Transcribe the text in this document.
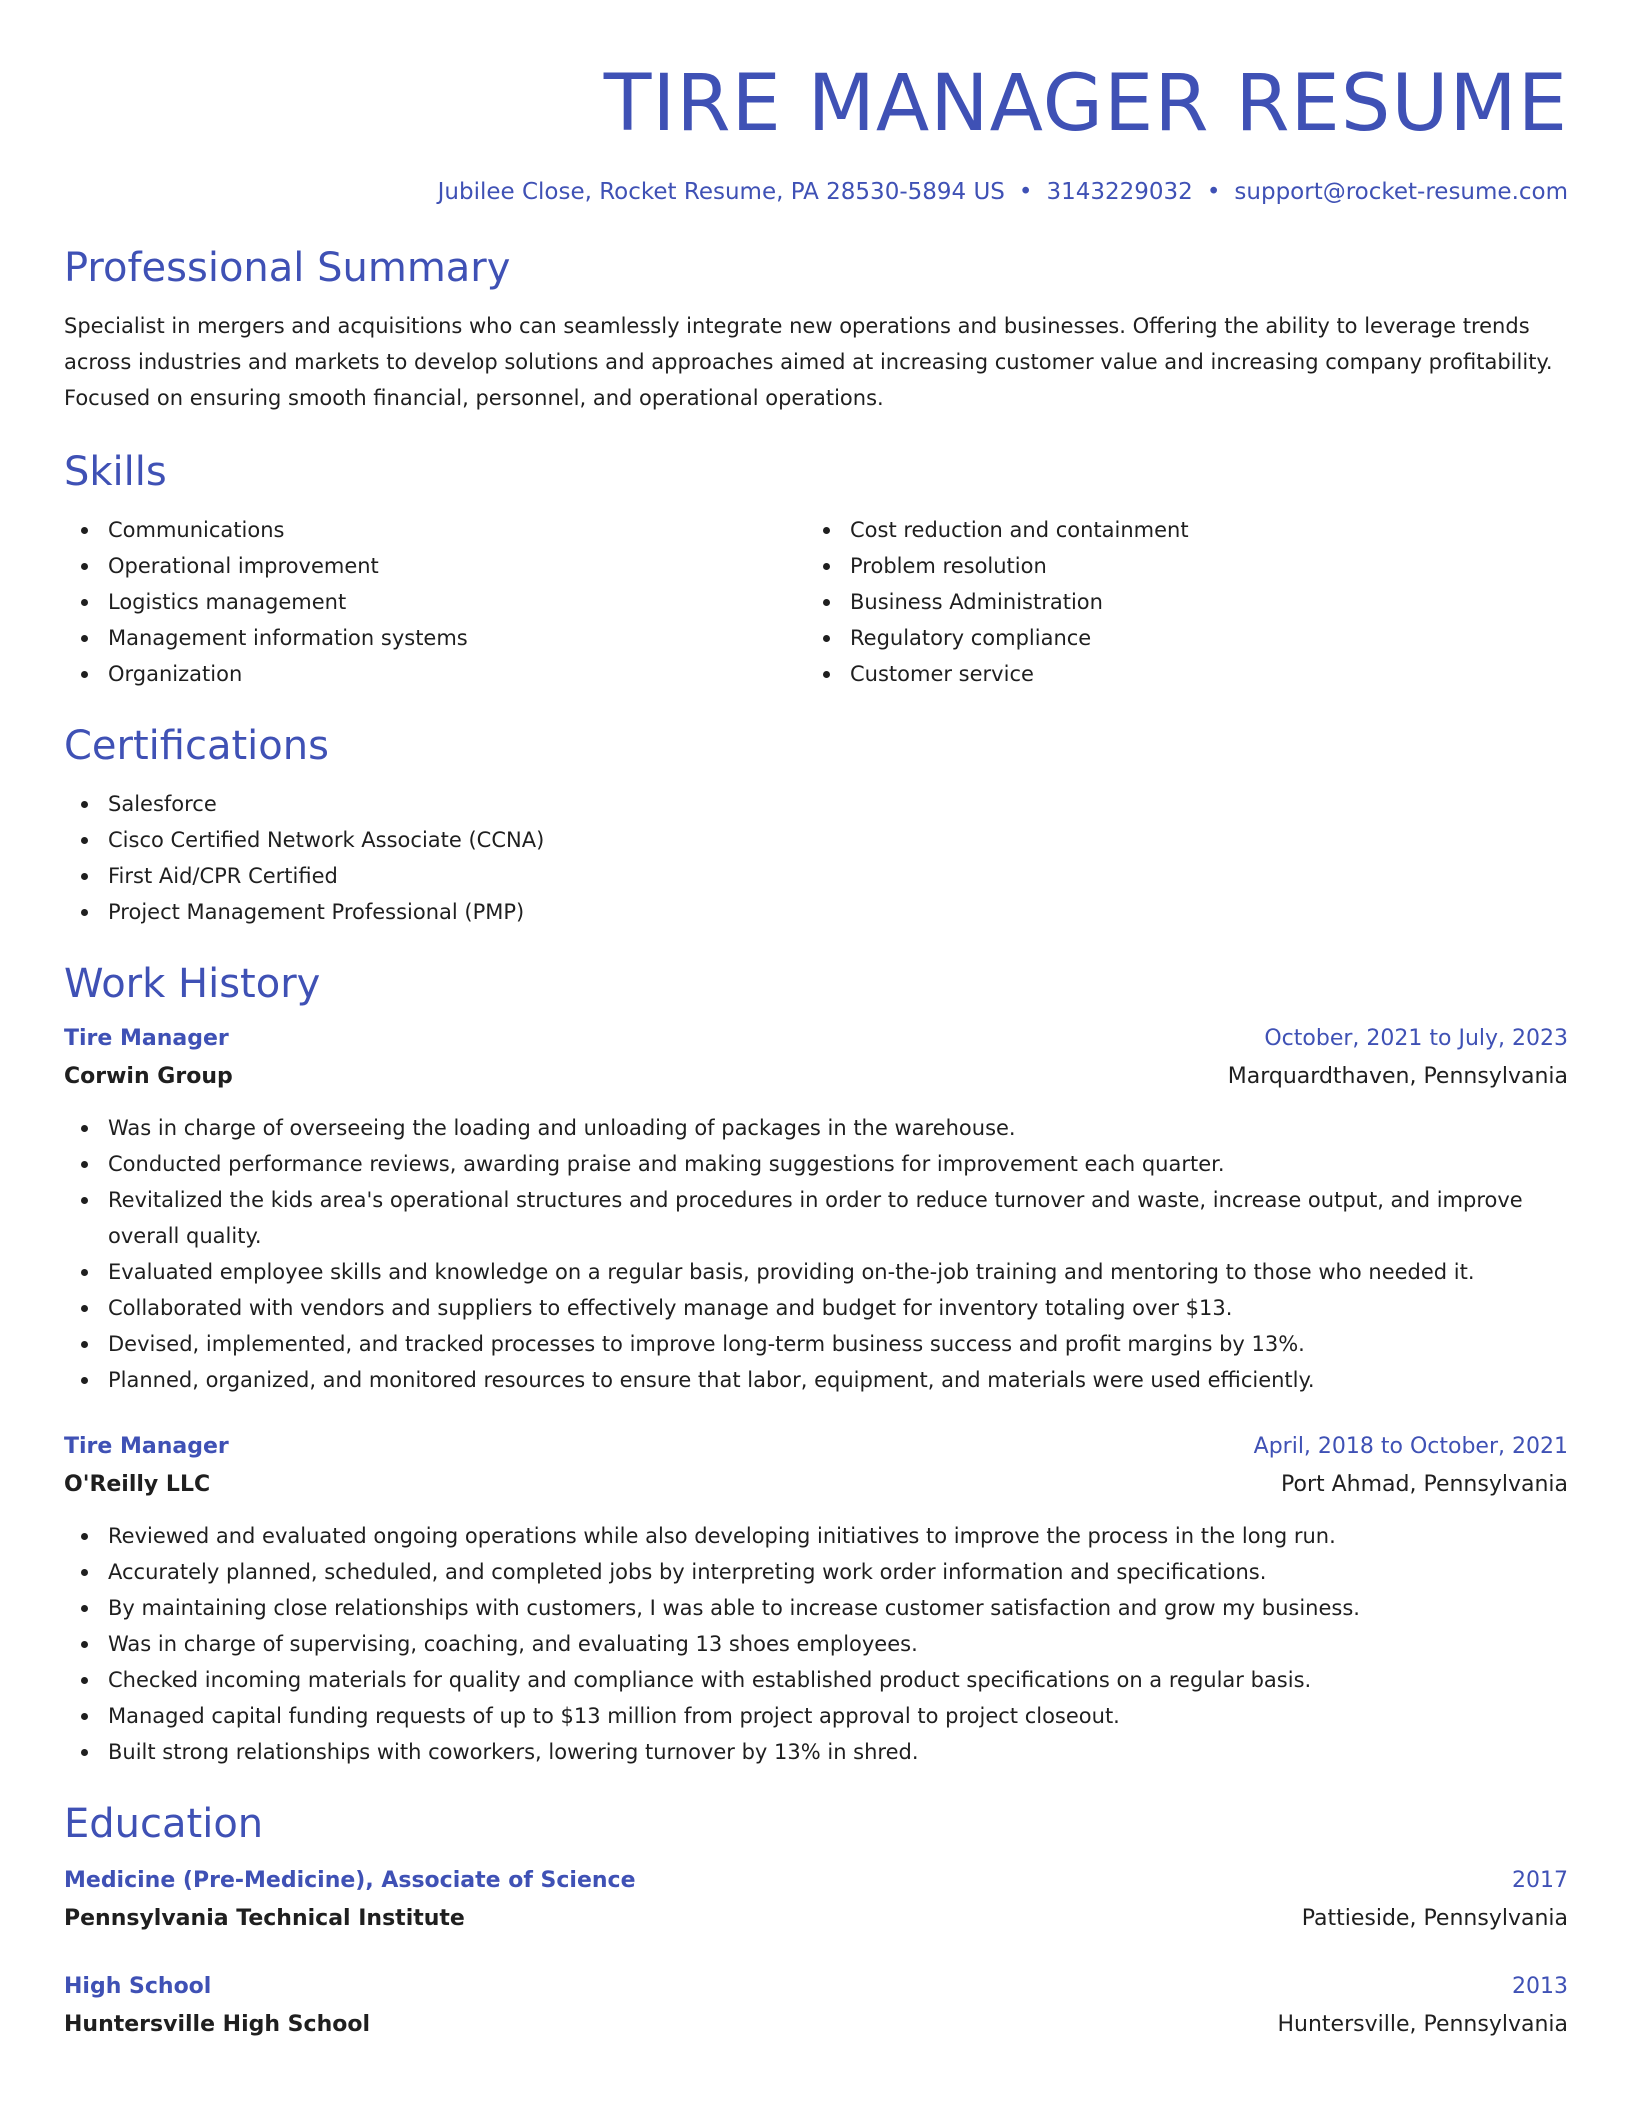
TIRE MANAGER RESUME
Jubilee Close, Rocket Resume, PA 28530-5894 US • 3143229032 • support@rocket-resume.com
Professional Summary

Specialist in mergers and acquisitions who can seamlessly integrate new operations and businesses. Offering the ability to leverage trends across industries and markets to develop solutions and approaches aimed at increasing customer value and increasing company profitability. Focused on ensuring smooth financial, personnel, and operational operations.

Skills
Communications
Operational improvement
Logistics management
Management information systems
Organization
Cost reduction and containment
Problem resolution
Business Administration
Regulatory compliance
Customer service
Certifications
Salesforce
Cisco Certified Network Associate (CCNA)
First Aid/CPR Certified
Project Management Professional (PMP)
Work History
Tire Manager	October, 2021 to July, 2023
Corwin Group	Marquardthaven, Pennsylvania
Was in charge of overseeing the loading and unloading of packages in the warehouse.
Conducted performance reviews, awarding praise and making suggestions for improvement each quarter.
Revitalized the kids area's operational structures and procedures in order to reduce turnover and waste, increase output, and improve overall quality.
Evaluated employee skills and knowledge on a regular basis, providing on-the-job training and mentoring to those who needed it.
Collaborated with vendors and suppliers to effectively manage and budget for inventory totaling over $13.
Devised, implemented, and tracked processes to improve long-term business success and profit margins by 13%.
Planned, organized, and monitored resources to ensure that labor, equipment, and materials were used efficiently.
Tire Manager	April, 2018 to October, 2021
O'Reilly LLC	Port Ahmad, Pennsylvania
Reviewed and evaluated ongoing operations while also developing initiatives to improve the process in the long run.
Accurately planned, scheduled, and completed jobs by interpreting work order information and specifications.
By maintaining close relationships with customers, I was able to increase customer satisfaction and grow my business.
Was in charge of supervising, coaching, and evaluating 13 shoes employees.
Checked incoming materials for quality and compliance with established product specifications on a regular basis.
Managed capital funding requests of up to $13 million from project approval to project closeout.
Built strong relationships with coworkers, lowering turnover by 13% in shred.
Education
Medicine (Pre-Medicine), Associate of Science	2017
Pennsylvania Technical Institute	Pattieside, Pennsylvania
High School	2013
Huntersville High School	Huntersville, Pennsylvania
